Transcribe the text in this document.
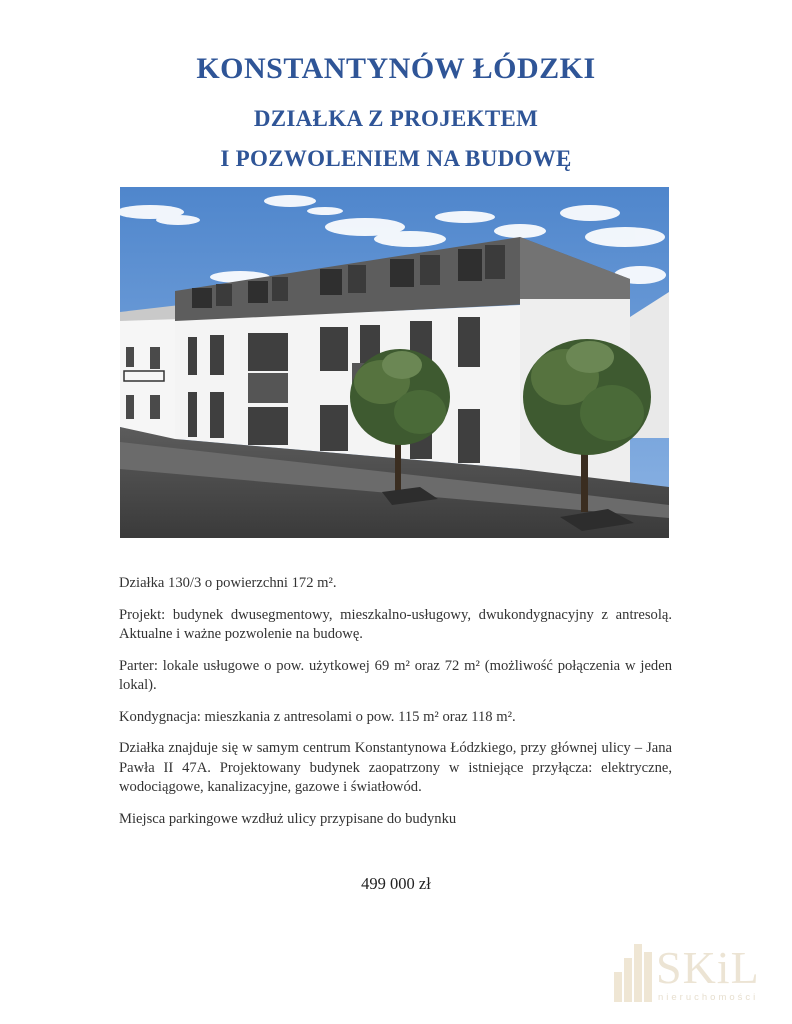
KONSTANTYNÓW ŁÓDZKI
DZIAŁKA Z PROJEKTEM
I POZWOLENIEM NA BUDOWĘ

Działka 130/3 o powierzchni 172 m².

Projekt: budynek dwusegmentowy, mieszkalno-usługowy, dwukondygnacyjny z antresolą. Aktualne i ważne pozwolenie na budowę.

Parter: lokale usługowe o pow. użytkowej 69 m² oraz 72 m² (możliwość połączenia w jeden lokal).

Kondygnacja: mieszkania z antresolami o pow. 115 m² oraz 118 m².

Działka znajduje się w samym centrum Konstantynowa Łódzkiego, przy głównej ulicy – Jana Pawła II 47A. Projektowany budynek zaopatrzony w istniejące przyłącza: elektryczne, wodociągowe, kanalizacyjne, gazowe i światłowód.

Miejsca parkingowe wzdłuż ulicy przypisane do budynku

499 000 zł

SKiL
nieruchomości
